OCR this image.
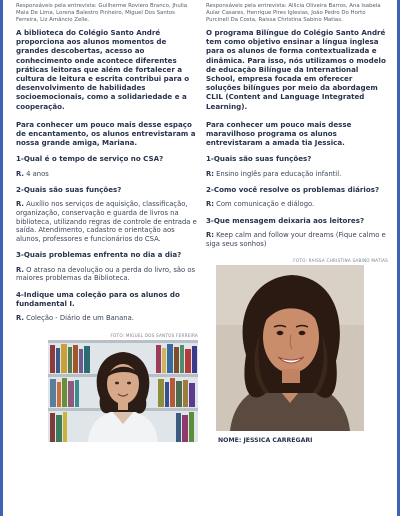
Responsáveis pela entrevista: Guilherme Roviero Branco, Jhulia Maia De Lima, Lorena Balestro Pinheiro, Miguel Dos Santos Ferreira, Liz Amâncio Zelle.
A biblioteca do Colégio Santo André proporciona aos alunos momentos de grandes descobertas, acesso ao conhecimento onde acontece diferentes práticas leitoras que além de fortalecer a cultura de leitura e escrita contribui para o desenvolvimento de habilidades socioemocionais, como a solidariedade e a cooperação.
Para conhecer um pouco mais desse espaço de encantamento, os alunos entrevistaram a nossa grande amiga, Mariana.
1-Qual é o tempo de serviço no CSA?
R. 4 anos
2-Quais são suas funções?
R. Auxílio nos serviços de aquisição, classificação, organização, conservação e guarda de livros na biblioteca, utilizando regras de controle de entrada e saída. Atendimento, cadastro e orientação aos alunos, professores e funcionários do CSA.
3-Quais problemas enfrenta no dia a dia?
R. O atraso na devolução ou a perda do livro, são os maiores problemas da Biblioteca.
4-Indique uma coleção para os alunos do fundamental I.
R. Coleção - Diário de um Banana.
FOTO: MIGUEL DOS SANTOS FERREIRA
Responsáveis pela entrevista: Allicia Oliveira Barros, Ana Isabela Aular Casares, Henrique Pires Iglesias, João Pedro Do Horto Purcinell Da Costa, Raissa Christina Sabino Matias.
O programa Bilíngue do Colégio Santo André tem como objetivo ensinar a língua inglesa para os alunos de forma contextualizada e dinâmica. Para isso, nós utilizamos o modelo de educação Bilíngue da International School, empresa focada em oferecer soluções bilíngues por meio da abordagem CLIL (Content and Language Integrated Learning).
Para conhecer um pouco mais desse maravilhoso programa os alunos entrevistaram a amada tia Jessica.
1-Quais são suas funções?
R: Ensino inglês para educação infantil.
2-Como você resolve os problemas diários?
R: Com comunicação e diálogo.
3-Que mensagem deixaria aos leitores?
R: Keep calm and follow your dreams (Fique calmo e siga seus sonhos)
FOTO: RAISSA CHRISTINA SABINO MATIAS
NOME: JESSICA CARREGARI
